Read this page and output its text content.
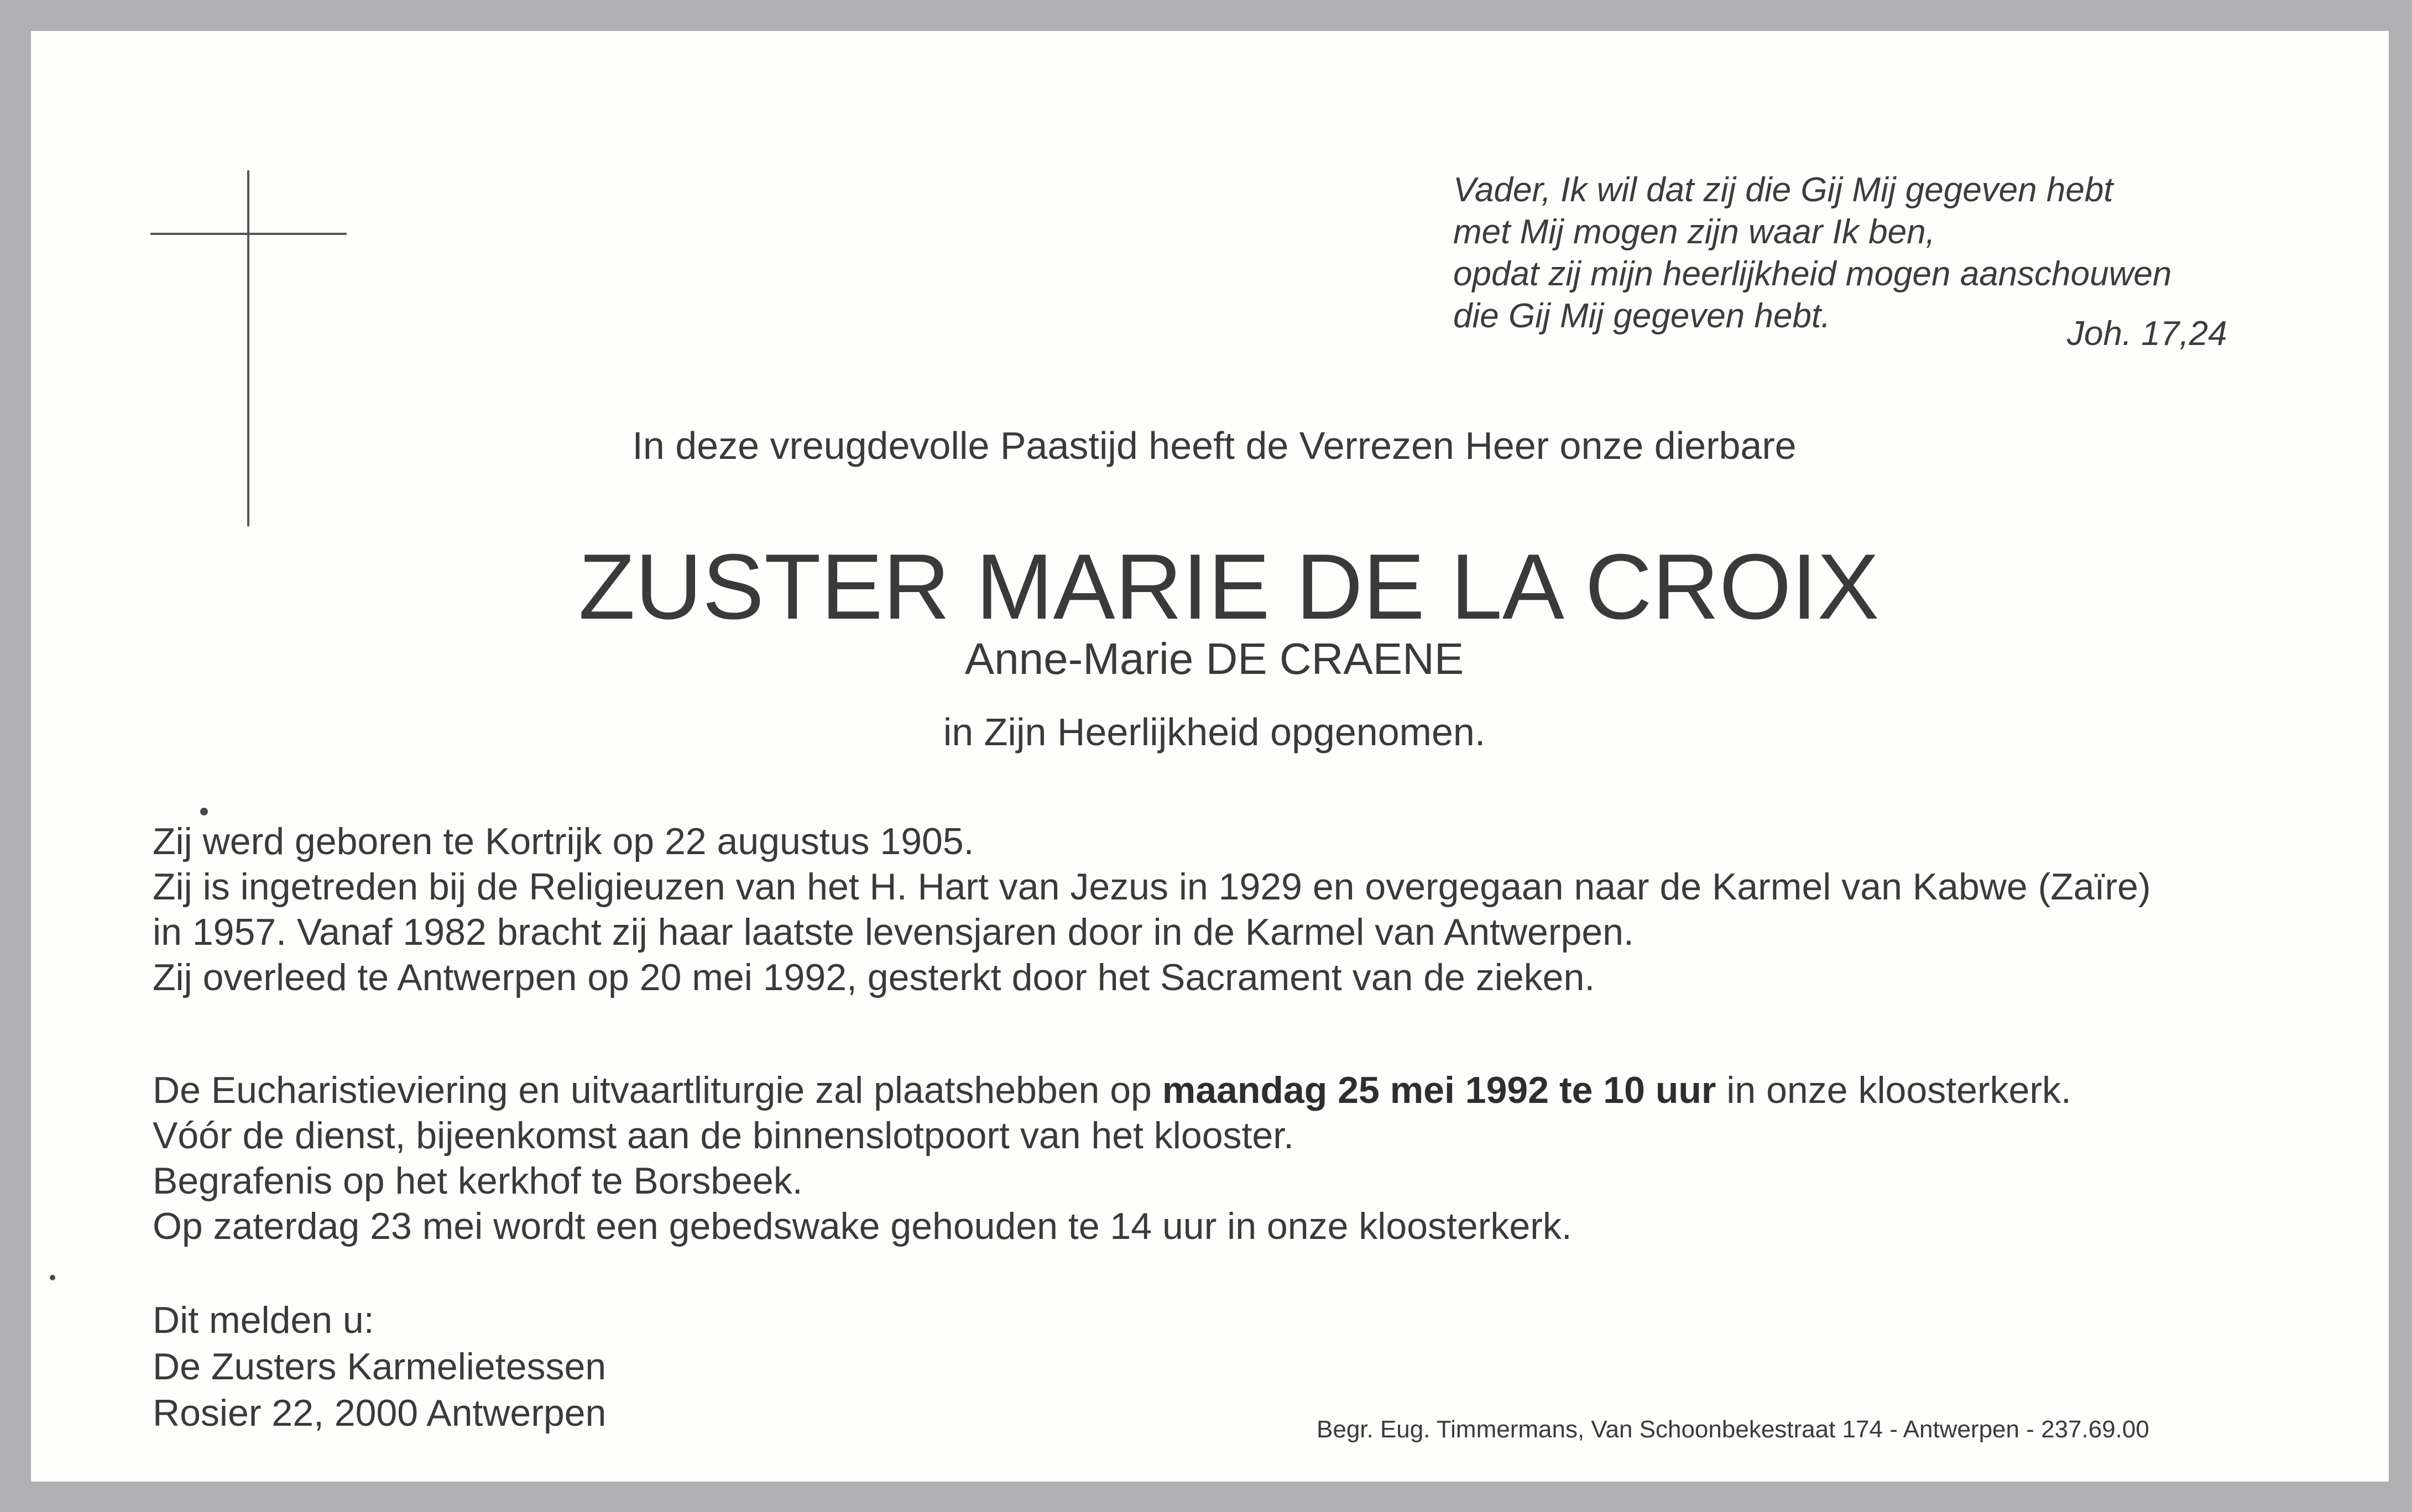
Vader, Ik wil dat zij die Gij Mij gegeven hebt
met Mij mogen zijn waar Ik ben,
opdat zij mijn heerlijkheid mogen aanschouwen
die Gij Mij gegeven hebt.	Joh. 17,24
In deze vreugdevolle Paastijd heeft de Verrezen Heer onze dierbare
ZUSTER MARIE DE LA CROIX
Anne-Marie DE CRAENE
in Zijn Heerlijkheid opgenomen.
Zij werd geboren te Kortrijk op 22 augustus 1905.
Zij is ingetreden bij de Religieuzen van het H. Hart van Jezus in 1929 en overgegaan naar de Karmel van Kabwe (Zaïre)
in 1957. Vanaf 1982 bracht zij haar laatste levensjaren door in de Karmel van Antwerpen.
Zij overleed te Antwerpen op 20 mei 1992, gesterkt door het Sacrament van de zieken.
De Eucharistieviering en uitvaartliturgie zal plaatshebben op maandag 25 mei 1992 te 10 uur in onze kloosterkerk.
Vóór de dienst, bijeenkomst aan de binnenslotpoort van het klooster.
Begrafenis op het kerkhof te Borsbeek.
Op zaterdag 23 mei wordt een gebedswake gehouden te 14 uur in onze kloosterkerk.
Dit melden u:
De Zusters Karmelietessen
Rosier 22, 2000 Antwerpen	Begr. Eug. Timmermans, Van Schoonbekestraat 174 - Antwerpen - 237.69.00
